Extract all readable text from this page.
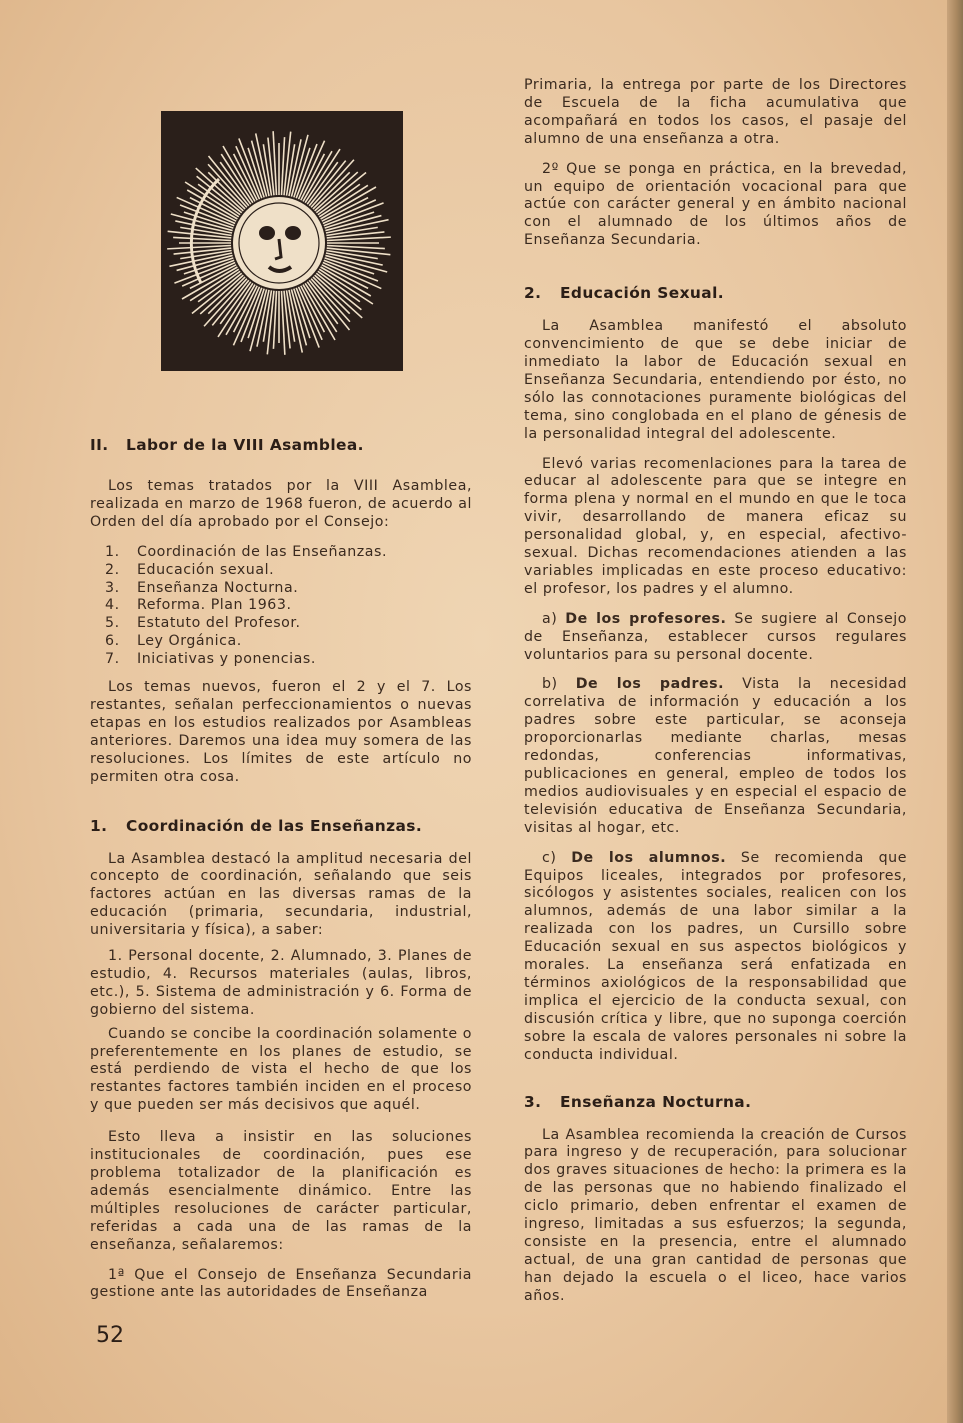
II. Labor de la VIII Asamblea.

Los temas tratados por la VIII Asamblea, realizada en marzo de 1968 fueron, de acuerdo al Orden del día aprobado por el Consejo:

1. Coordinación de las Enseñanzas.
2. Educación sexual.
3. Enseñanza Nocturna.
4. Reforma. Plan 1963.
5. Estatuto del Profesor.
6. Ley Orgánica.
7. Iniciativas y ponencias.

Los temas nuevos, fueron el 2 y el 7. Los restantes, señalan perfeccionamientos o nuevas etapas en los estudios realizados por Asambleas anteriores. Daremos una idea muy somera de las resoluciones. Los límites de este artículo no permiten otra cosa.

1. Coordinación de las Enseñanzas.

La Asamblea destacó la amplitud necesaria del concepto de coordinación, señalando que seis factores actúan en las diversas ramas de la educación (primaria, secundaria, industrial, universitaria y física), a saber:

1. Personal docente, 2. Alumnado, 3. Planes de estudio, 4. Recursos materiales (aulas, libros, etc.), 5. Sistema de administración y 6. Forma de gobierno del sistema.

Cuando se concibe la coordinación solamente o preferentemente en los planes de estudio, se está perdiendo de vista el hecho de que los restantes factores también inciden en el proceso y que pueden ser más decisivos que aquél.

Esto lleva a insistir en las soluciones institucionales de coordinación, pues ese problema totalizador de la planificación es además esencialmente dinámico. Entre las múltiples resoluciones de carácter particular, referidas a cada una de las ramas de la enseñanza, señalaremos:

1ª Que el Consejo de Enseñanza Secundaria gestione ante las autoridades de Enseñanza

Primaria, la entrega por parte de los Directores de Escuela de la ficha acumulativa que acompañará en todos los casos, el pasaje del alumno de una enseñanza a otra.

2º Que se ponga en práctica, en la brevedad, un equipo de orientación vocacional para que actúe con carácter general y en ámbito nacional con el alumnado de los últimos años de Enseñanza Secundaria.

2. Educación Sexual.

La Asamblea manifestó el absoluto convencimiento de que se debe iniciar de inmediato la labor de Educación sexual en Enseñanza Secundaria, entendiendo por ésto, no sólo las connotaciones puramente biológicas del tema, sino conglobada en el plano de génesis de la personalidad integral del adolescente.

Elevó varias recomenlaciones para la tarea de educar al adolescente para que se integre en forma plena y normal en el mundo en que le toca vivir, desarrollando de manera eficaz su personalidad global, y, en especial, afectivo-sexual. Dichas recomendaciones atienden a las variables implicadas en este proceso educativo: el profesor, los padres y el alumno.

a) De los profesores. Se sugiere al Consejo de Enseñanza, establecer cursos regulares voluntarios para su personal docente.

b) De los padres. Vista la necesidad correlativa de información y educación a los padres sobre este particular, se aconseja proporcionarlas mediante charlas, mesas redondas, conferencias informativas, publicaciones en general, empleo de todos los medios audiovisuales y en especial el espacio de televisión educativa de Enseñanza Secundaria, visitas al hogar, etc.

c) De los alumnos. Se recomienda que Equipos liceales, integrados por profesores, sicólogos y asistentes sociales, realicen con los alumnos, además de una labor similar a la realizada con los padres, un Cursillo sobre Educación sexual en sus aspectos biológicos y morales. La enseñanza será enfatizada en términos axiológicos de la responsabilidad que implica el ejercicio de la conducta sexual, con discusión crítica y libre, que no suponga coerción sobre la escala de valores personales ni sobre la conducta individual.

3. Enseñanza Nocturna.

La Asamblea recomienda la creación de Cursos para ingreso y de recuperación, para solucionar dos graves situaciones de hecho: la primera es la de las personas que no habiendo finalizado el ciclo primario, deben enfrentar el examen de ingreso, limitadas a sus esfuerzos; la segunda, consiste en la presencia, entre el alumnado actual, de una gran cantidad de personas que han dejado la escuela o el liceo, hace varios años.

52
